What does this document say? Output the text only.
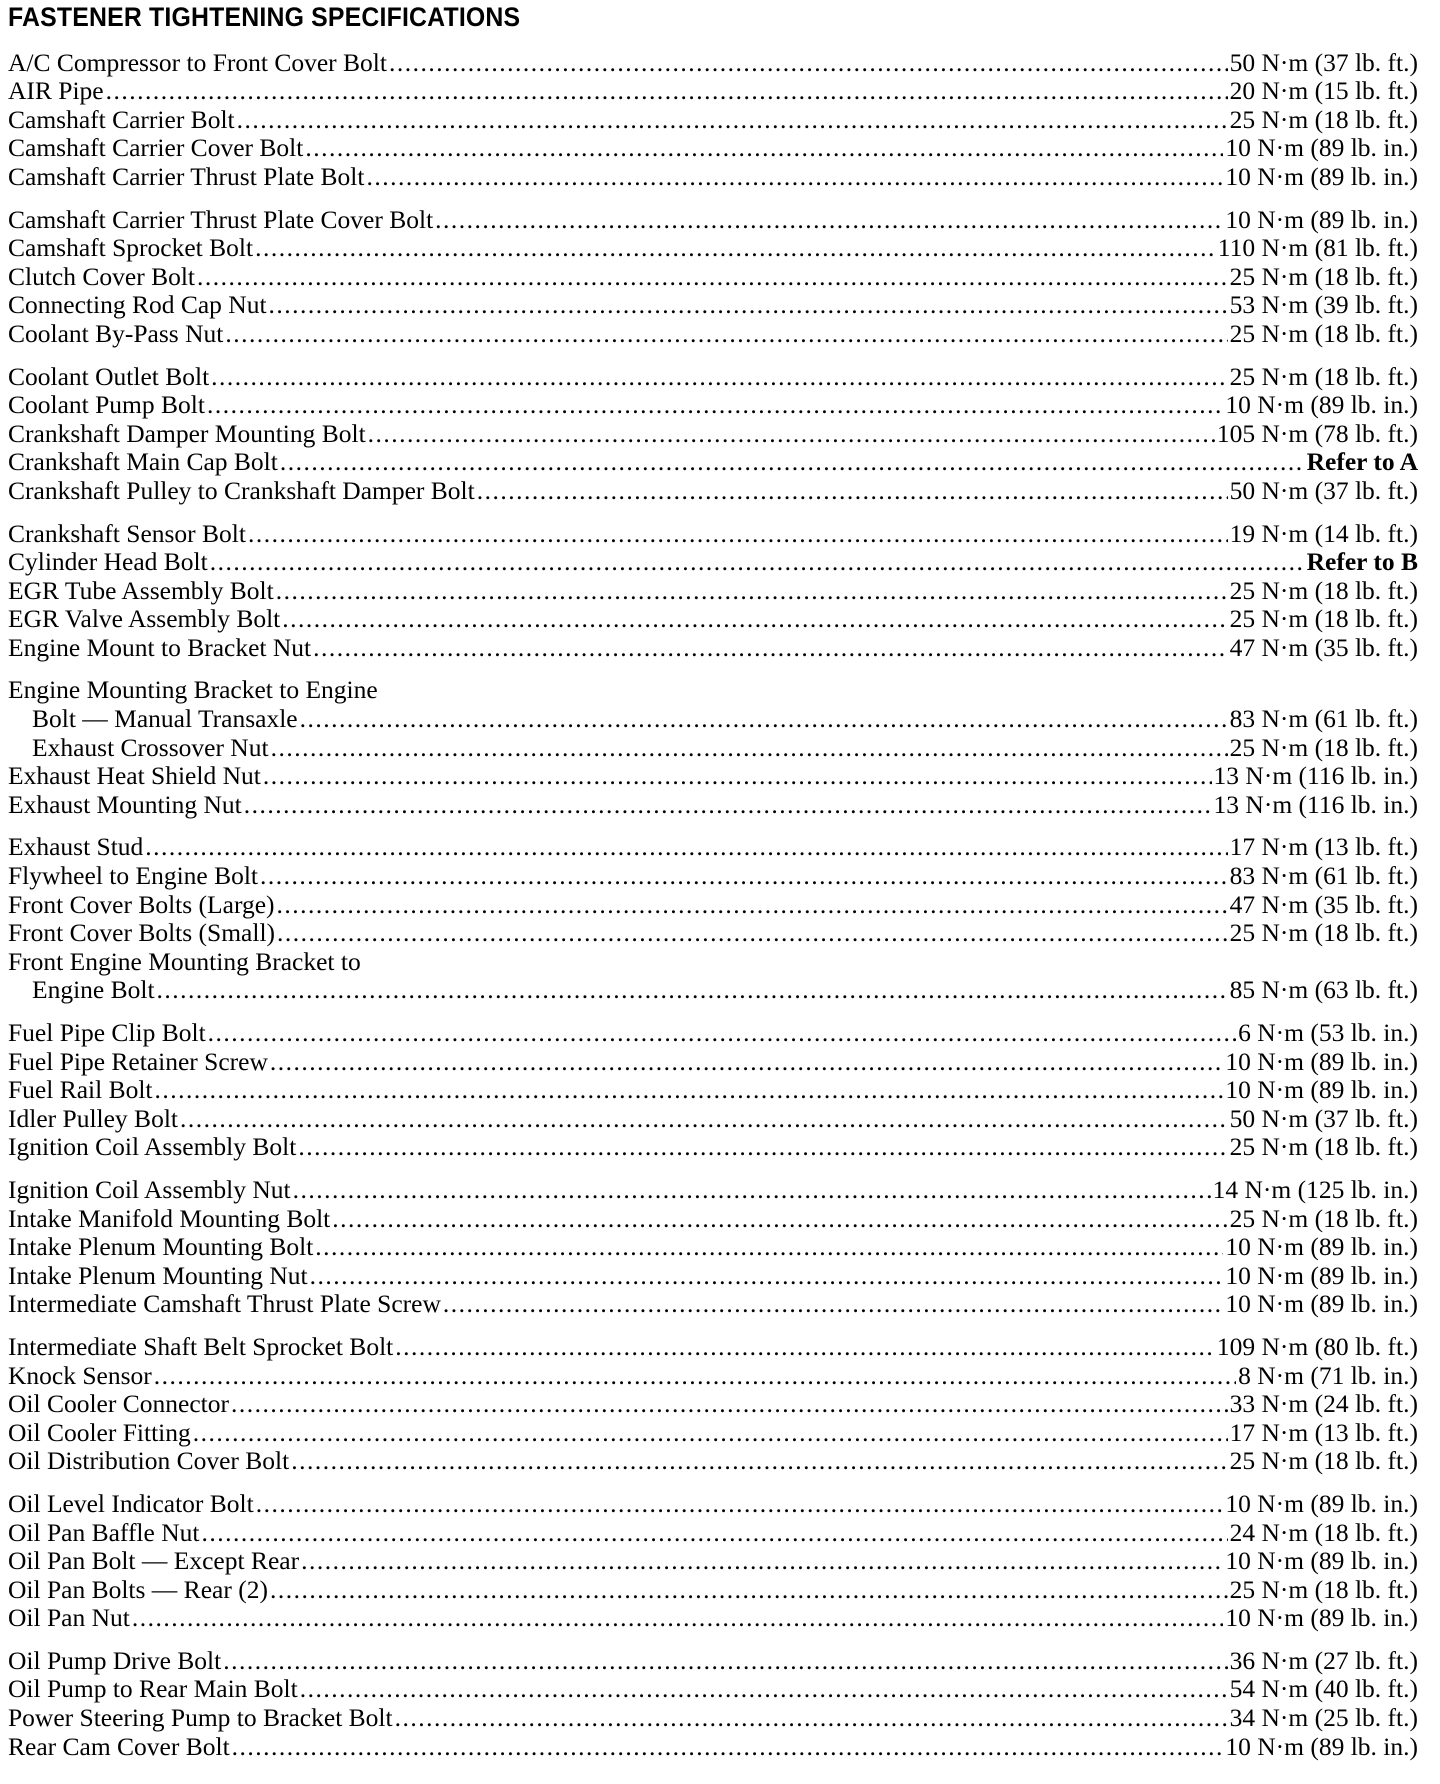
FASTENER TIGHTENING SPECIFICATIONS
A/C Compressor to Front Cover Bolt .....	50 N·m (37 lb. ft.)
AIR Pipe .....	20 N·m (15 lb. ft.)
Camshaft Carrier Bolt .....	25 N·m (18 lb. ft.)
Camshaft Carrier Cover Bolt .....	10 N·m (89 lb. in.)
Camshaft Carrier Thrust Plate Bolt .....	10 N·m (89 lb. in.)
Camshaft Carrier Thrust Plate Cover Bolt .....	10 N·m (89 lb. in.)
Camshaft Sprocket Bolt .....	110 N·m (81 lb. ft.)
Clutch Cover Bolt .....	25 N·m (18 lb. ft.)
Connecting Rod Cap Nut .....	53 N·m (39 lb. ft.)
Coolant By-Pass Nut .....	25 N·m (18 lb. ft.)
Coolant Outlet Bolt .....	25 N·m (18 lb. ft.)
Coolant Pump Bolt .....	10 N·m (89 lb. in.)
Crankshaft Damper Mounting Bolt .....	105 N·m (78 lb. ft.)
Crankshaft Main Cap Bolt .....	Refer to A
Crankshaft Pulley to Crankshaft Damper Bolt .....	50 N·m (37 lb. ft.)
Crankshaft Sensor Bolt .....	19 N·m (14 lb. ft.)
Cylinder Head Bolt .....	Refer to B
EGR Tube Assembly Bolt .....	25 N·m (18 lb. ft.)
EGR Valve Assembly Bolt .....	25 N·m (18 lb. ft.)
Engine Mount to Bracket Nut .....	47 N·m (35 lb. ft.)
Engine Mounting Bracket to Engine
Bolt — Manual Transaxle .....	83 N·m (61 lb. ft.)
Exhaust Crossover Nut .....	25 N·m (18 lb. ft.)
Exhaust Heat Shield Nut .....	13 N·m (116 lb. in.)
Exhaust Mounting Nut .....	13 N·m (116 lb. in.)
Exhaust Stud .....	17 N·m (13 lb. ft.)
Flywheel to Engine Bolt .....	83 N·m (61 lb. ft.)
Front Cover Bolts (Large) .....	47 N·m (35 lb. ft.)
Front Cover Bolts (Small) .....	25 N·m (18 lb. ft.)
Front Engine Mounting Bracket to
Engine Bolt .....	85 N·m (63 lb. ft.)
Fuel Pipe Clip Bolt .....	6 N·m (53 lb. in.)
Fuel Pipe Retainer Screw .....	10 N·m (89 lb. in.)
Fuel Rail Bolt .....	10 N·m (89 lb. in.)
Idler Pulley Bolt .....	50 N·m (37 lb. ft.)
Ignition Coil Assembly Bolt .....	25 N·m (18 lb. ft.)
Ignition Coil Assembly Nut .....	14 N·m (125 lb. in.)
Intake Manifold Mounting Bolt .....	25 N·m (18 lb. ft.)
Intake Plenum Mounting Bolt .....	10 N·m (89 lb. in.)
Intake Plenum Mounting Nut .....	10 N·m (89 lb. in.)
Intermediate Camshaft Thrust Plate Screw .....	10 N·m (89 lb. in.)
Intermediate Shaft Belt Sprocket Bolt .....	109 N·m (80 lb. ft.)
Knock Sensor .....	8 N·m (71 lb. in.)
Oil Cooler Connector .....	33 N·m (24 lb. ft.)
Oil Cooler Fitting .....	17 N·m (13 lb. ft.)
Oil Distribution Cover Bolt .....	25 N·m (18 lb. ft.)
Oil Level Indicator Bolt .....	10 N·m (89 lb. in.)
Oil Pan Baffle Nut .....	24 N·m (18 lb. ft.)
Oil Pan Bolt — Except Rear .....	10 N·m (89 lb. in.)
Oil Pan Bolts — Rear (2) .....	25 N·m (18 lb. ft.)
Oil Pan Nut .....	10 N·m (89 lb. in.)
Oil Pump Drive Bolt .....	36 N·m (27 lb. ft.)
Oil Pump to Rear Main Bolt .....	54 N·m (40 lb. ft.)
Power Steering Pump to Bracket Bolt .....	34 N·m (25 lb. ft.)
Rear Cam Cover Bolt .....	10 N·m (89 lb. in.)
